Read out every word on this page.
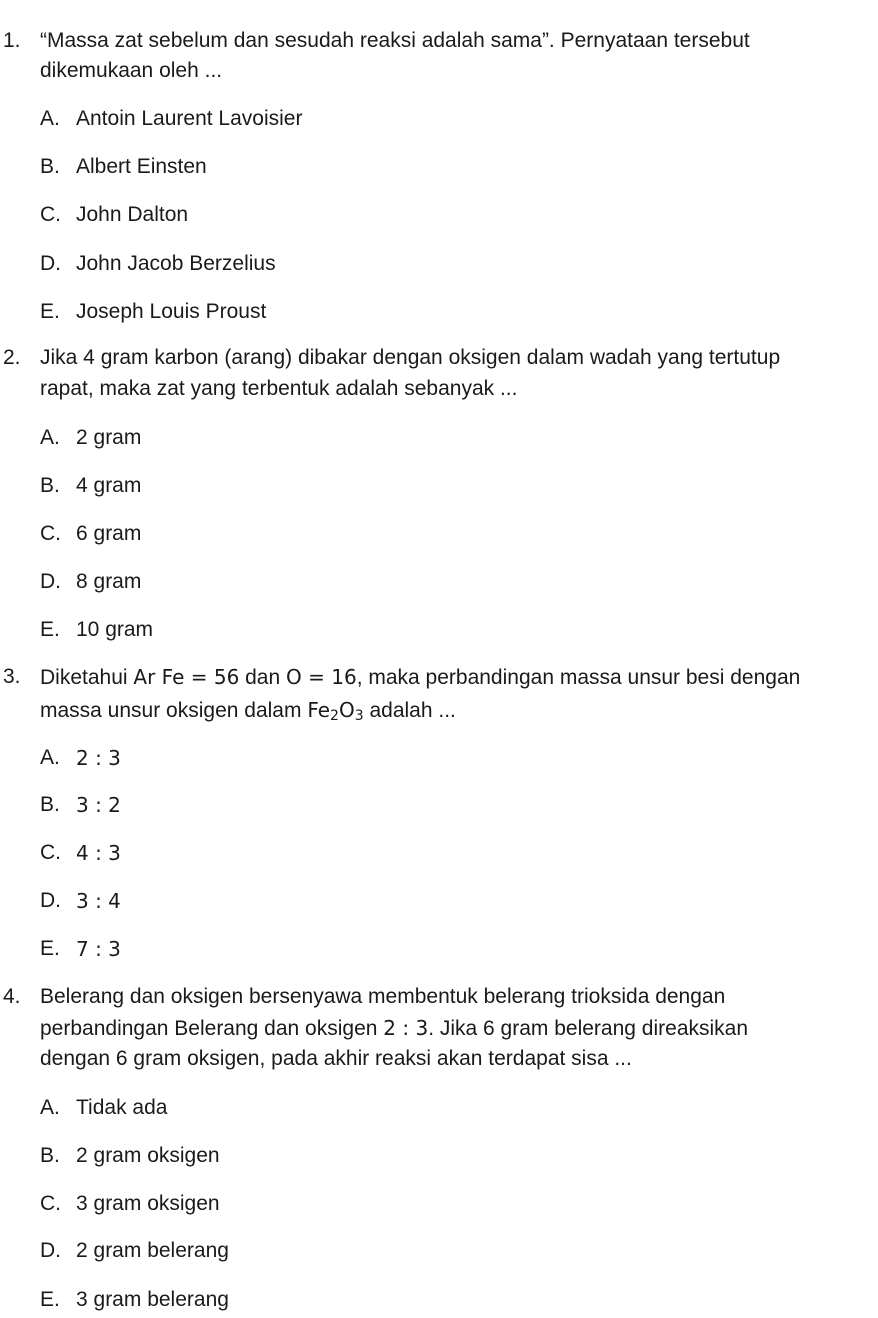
1. “Massa zat sebelum dan sesudah reaksi adalah sama”. Pernyataan tersebut
dikemukaan oleh ...
A. Antoin Laurent Lavoisier
B. Albert Einsten
C. John Dalton
D. John Jacob Berzelius
E. Joseph Louis Proust
2. Jika 4 gram karbon (arang) dibakar dengan oksigen dalam wadah yang tertutup
rapat, maka zat yang terbentuk adalah sebanyak ...
A. 2 gram
B. 4 gram
C. 6 gram
D. 8 gram
E. 10 gram
3. Diketahui Ar Fe = 56 dan O = 16, maka perbandingan massa unsur besi dengan
massa unsur oksigen dalam $Fe_2O_3$ adalah ...
A. 2 : 3
B. 3 : 2
C. 4 : 3
D. 3 : 4
E. 7 : 3
4. Belerang dan oksigen bersenyawa membentuk belerang trioksida dengan
perbandingan Belerang dan oksigen 2 : 3. Jika 6 gram belerang direaksikan
dengan 6 gram oksigen, pada akhir reaksi akan terdapat sisa ...
A. Tidak ada
B. 2 gram oksigen
C. 3 gram oksigen
D. 2 gram belerang
E. 3 gram belerang
